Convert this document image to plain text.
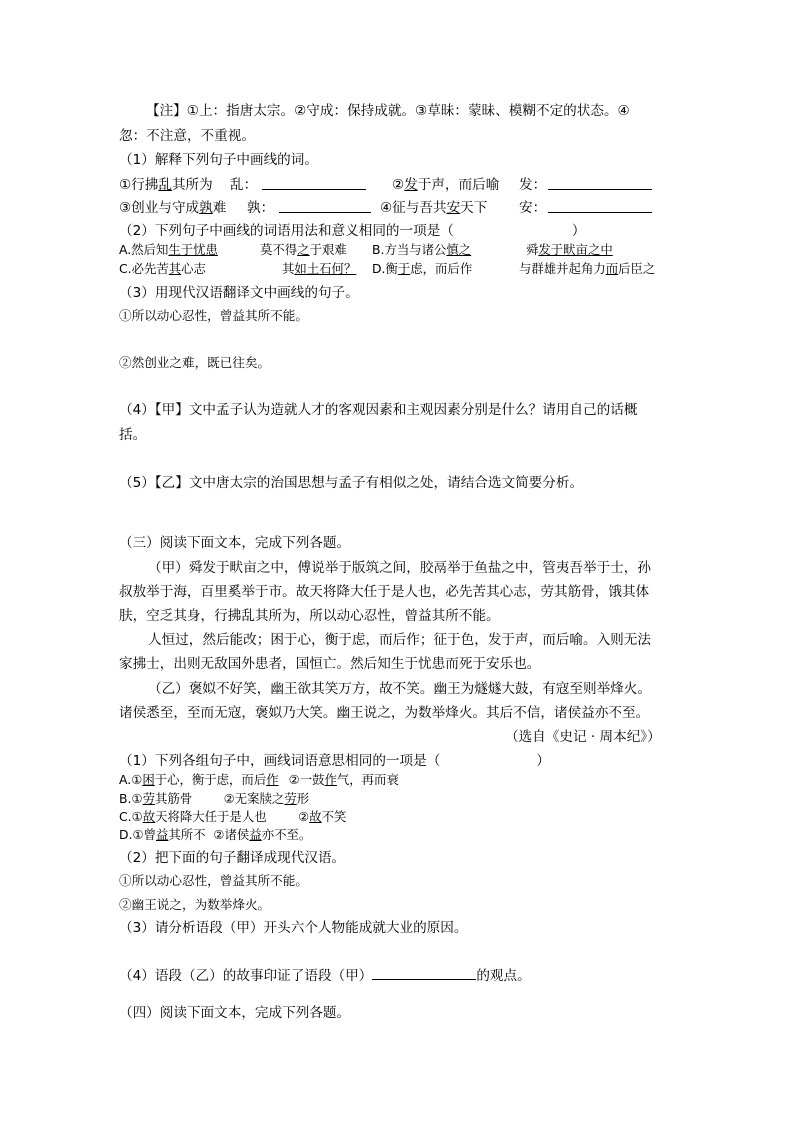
【注】①上：指唐太宗。②守成：保持成就。③草昧：蒙昧、模糊不定的状态。④
忽：不注意，不重视。
（1）解释下列句子中画线的词。
①行拂乱其所为 乱：	②发于声，而后喻 发：
③创业与守成孰难 孰：	④征与吾共安天下 安：
（2）下列句子中画线的词语用法和意义相同的一项是（	）
A.然后知生于忧患	莫不得之于艰难 B.方当与诸公慎之	舜发于畎亩之中
C.必先苦其心志	其如土石何？ D.衡于虑，而后作	与群雄并起角力而后臣之
（3）用现代汉语翻译文中画线的句子。
①所以动心忍性，曾益其所不能。
②然创业之难，既已往矣。
（4）【甲】文中孟子认为造就人才的客观因素和主观因素分别是什么？请用自己的话概
括。
（5）【乙】文中唐太宗的治国思想与孟子有相似之处，请结合选文简要分析。
（三）阅读下面文本，完成下列各题。
（甲）舜发于畎亩之中，傅说举于版筑之间，胶鬲举于鱼盐之中，管夷吾举于士，孙
叔敖举于海，百里奚举于市。故天将降大任于是人也，必先苦其心志，劳其筋骨，饿其体
肤，空乏其身，行拂乱其所为，所以动心忍性，曾益其所不能。
人恒过，然后能改；困于心，衡于虑，而后作；征于色，发于声，而后喻。入则无法
家拂士，出则无敌国外患者，国恒亡。然后知生于忧患而死于安乐也。
（乙）褒姒不好笑，幽王欲其笑万方，故不笑。幽王为燧燧大鼓，有寇至则举烽火。
诸侯悉至，至而无寇，褒姒乃大笑。幽王说之，为数举烽火。其后不信，诸侯益亦不至。
（选自《史记 · 周本纪》）
（1）下列各组句子中，画线词语意思相同的一项是（	）
A.①困于心，衡于虑，而后作 ②一鼓作气，再而衰
B.①劳其筋骨        ②无案牍之劳形
C.①故天将降大任于是人也        ②故不笑
D.①曾益其所不  ②诸侯益亦不至。
（2）把下面的句子翻译成现代汉语。
①所以动心忍性，曾益其所不能。
②幽王说之，为数举烽火。
（3）请分析语段（甲）开头六个人物能成就大业的原因。
（4）语段（乙）的故事印证了语段（甲）	的观点。
（四）阅读下面文本，完成下列各题。
